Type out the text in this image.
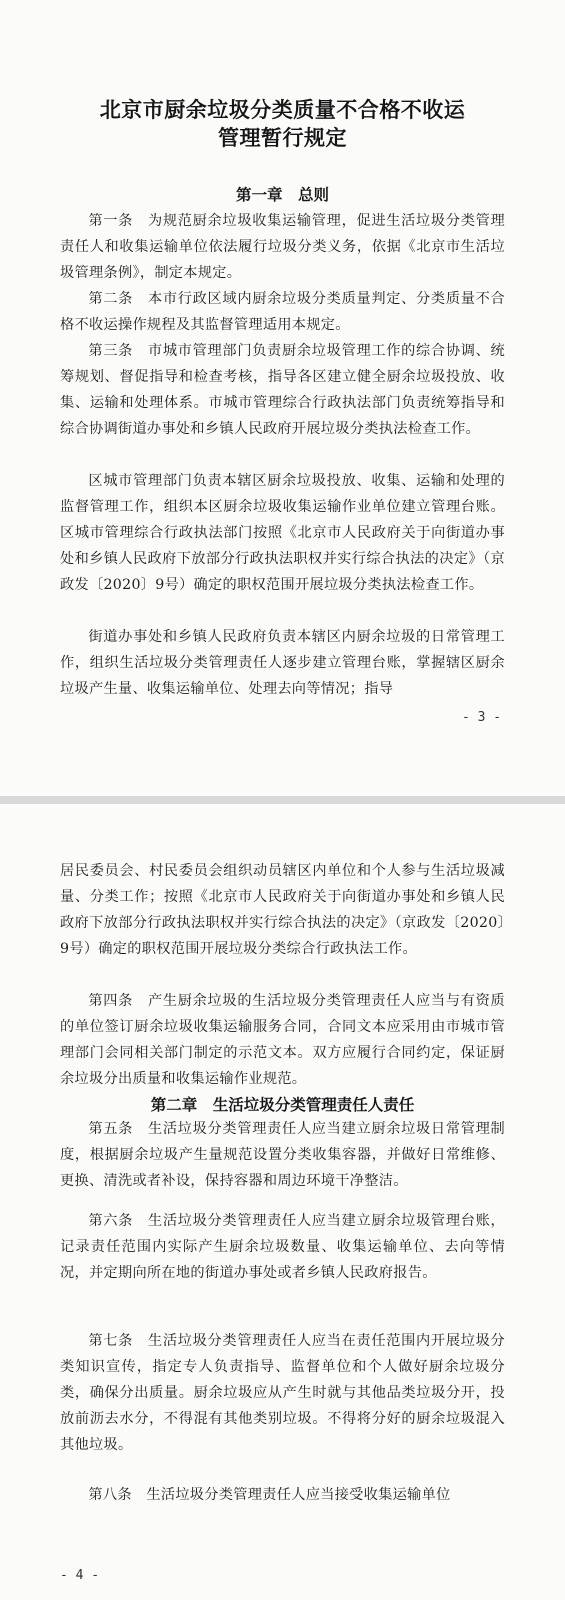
北京市厨余垃圾分类质量不合格不收运
管理暂行规定
第一章　总则

第一条　为规范厨余垃圾收集运输管理，促进生活垃圾分类管理责任人和收集运输单位依法履行垃圾分类义务，依据《北京市生活垃圾管理条例》，制定本规定。

第二条　本市行政区域内厨余垃圾分类质量判定、分类质量不合格不收运操作规程及其监督管理适用本规定。

第三条　市城市管理部门负责厨余垃圾管理工作的综合协调、统筹规划、督促指导和检查考核，指导各区建立健全厨余垃圾投放、收集、运输和处理体系。市城市管理综合行政执法部门负责统筹指导和综合协调街道办事处和乡镇人民政府开展垃圾分类执法检查工作。

区城市管理部门负责本辖区厨余垃圾投放、收集、运输和处理的监督管理工作，组织本区厨余垃圾收集运输作业单位建立管理台账。区城市管理综合行政执法部门按照《北京市人民政府关于向街道办事处和乡镇人民政府下放部分行政执法职权并实行综合执法的决定》（京政发〔2020〕9号）确定的职权范围开展垃圾分类执法检查工作。

街道办事处和乡镇人民政府负责本辖区内厨余垃圾的日常管理工作，组织生活垃圾分类管理责任人逐步建立管理台账，掌握辖区厨余垃圾产生量、收集运输单位、处理去向等情况；指导

- 3 -

居民委员会、村民委员会组织动员辖区内单位和个人参与生活垃圾减量、分类工作；按照《北京市人民政府关于向街道办事处和乡镇人民政府下放部分行政执法职权并实行综合执法的决定》（京政发〔2020〕9号）确定的职权范围开展垃圾分类综合行政执法工作。

第四条　产生厨余垃圾的生活垃圾分类管理责任人应当与有资质的单位签订厨余垃圾收集运输服务合同，合同文本应采用由市城市管理部门会同相关部门制定的示范文本。双方应履行合同约定，保证厨余垃圾分出质量和收集运输作业规范。

第二章　生活垃圾分类管理责任人责任

第五条　生活垃圾分类管理责任人应当建立厨余垃圾日常管理制度，根据厨余垃圾产生量规范设置分类收集容器，并做好日常维修、更换、清洗或者补设，保持容器和周边环境干净整洁。

第六条　生活垃圾分类管理责任人应当建立厨余垃圾管理台账，记录责任范围内实际产生厨余垃圾数量、收集运输单位、去向等情况，并定期向所在地的街道办事处或者乡镇人民政府报告。

第七条　生活垃圾分类管理责任人应当在责任范围内开展垃圾分类知识宣传，指定专人负责指导、监督单位和个人做好厨余垃圾分类，确保分出质量。厨余垃圾应从产生时就与其他品类垃圾分开，投放前沥去水分，不得混有其他类别垃圾。不得将分好的厨余垃圾混入其他垃圾。

第八条　生活垃圾分类管理责任人应当接受收集运输单位

- 4 -
